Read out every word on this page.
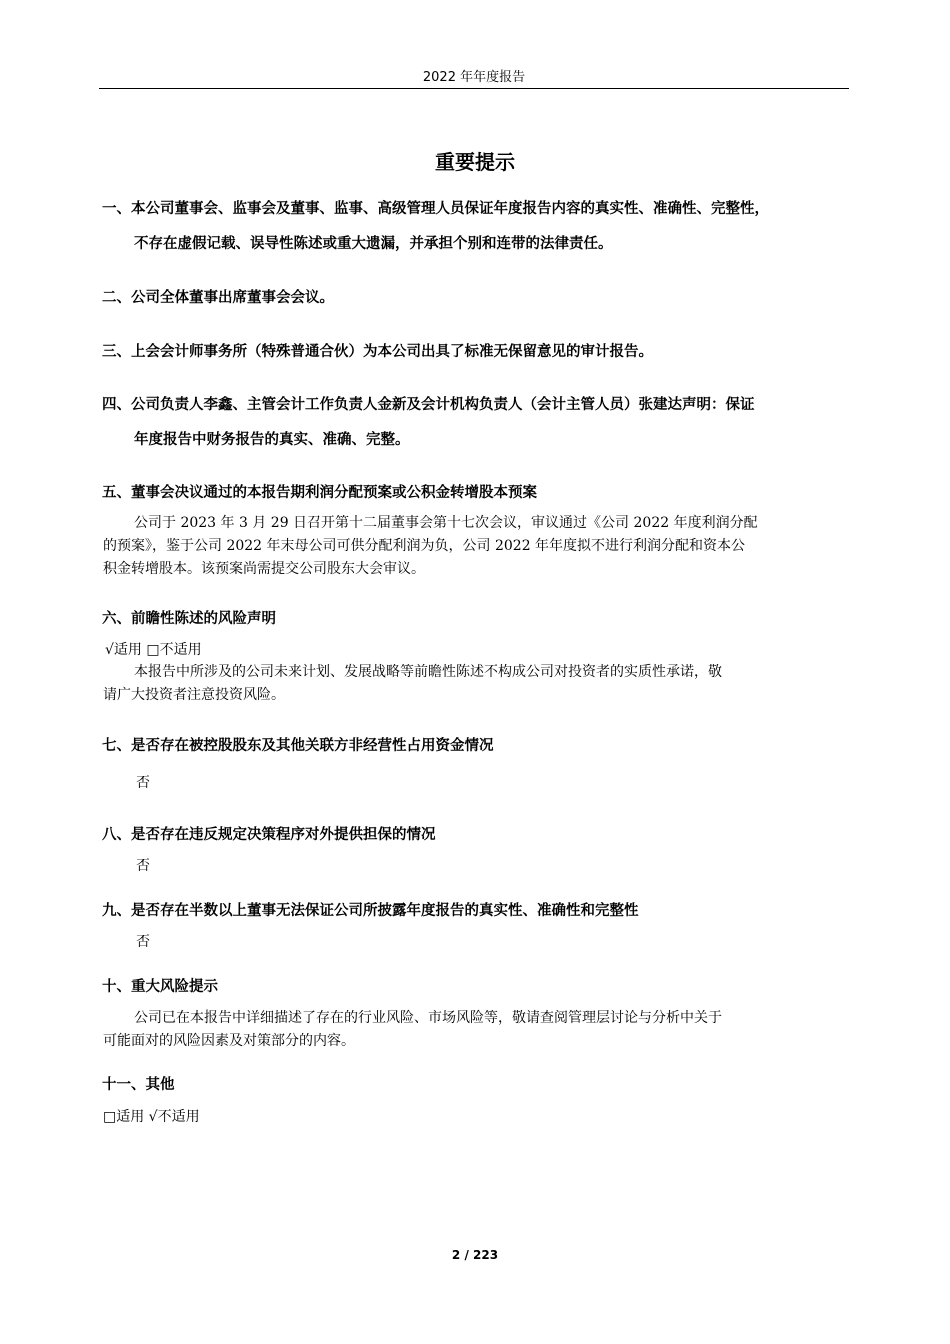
2022 年年度报告
重要提示
一、本公司董事会、监事会及董事、监事、高级管理人员保证年度报告内容的真实性、准确性、完整性，
不存在虚假记载、误导性陈述或重大遗漏，并承担个别和连带的法律责任。
二、公司全体董事出席董事会会议。
三、上会会计师事务所（特殊普通合伙）为本公司出具了标准无保留意见的审计报告。
四、公司负责人李鑫、主管会计工作负责人金新及会计机构负责人（会计主管人员）张建达声明：保证
年度报告中财务报告的真实、准确、完整。
五、董事会决议通过的本报告期利润分配预案或公积金转增股本预案
公司于 2023 年 3 月 29 日召开第十二届董事会第十七次会议，审议通过《公司 2022 年度利润分配
的预案》，鉴于公司 2022 年末母公司可供分配利润为负，公司 2022 年年度拟不进行利润分配和资本公
积金转增股本。该预案尚需提交公司股东大会审议。
六、前瞻性陈述的风险声明
√适用 □不适用
本报告中所涉及的公司未来计划、发展战略等前瞻性陈述不构成公司对投资者的实质性承诺，敬
请广大投资者注意投资风险。
七、是否存在被控股股东及其他关联方非经营性占用资金情况
否
八、是否存在违反规定决策程序对外提供担保的情况
否
九、是否存在半数以上董事无法保证公司所披露年度报告的真实性、准确性和完整性
否
十、重大风险提示
公司已在本报告中详细描述了存在的行业风险、市场风险等，敬请查阅管理层讨论与分析中关于
可能面对的风险因素及对策部分的内容。
十一、其他
□适用 √不适用
2 / 223
